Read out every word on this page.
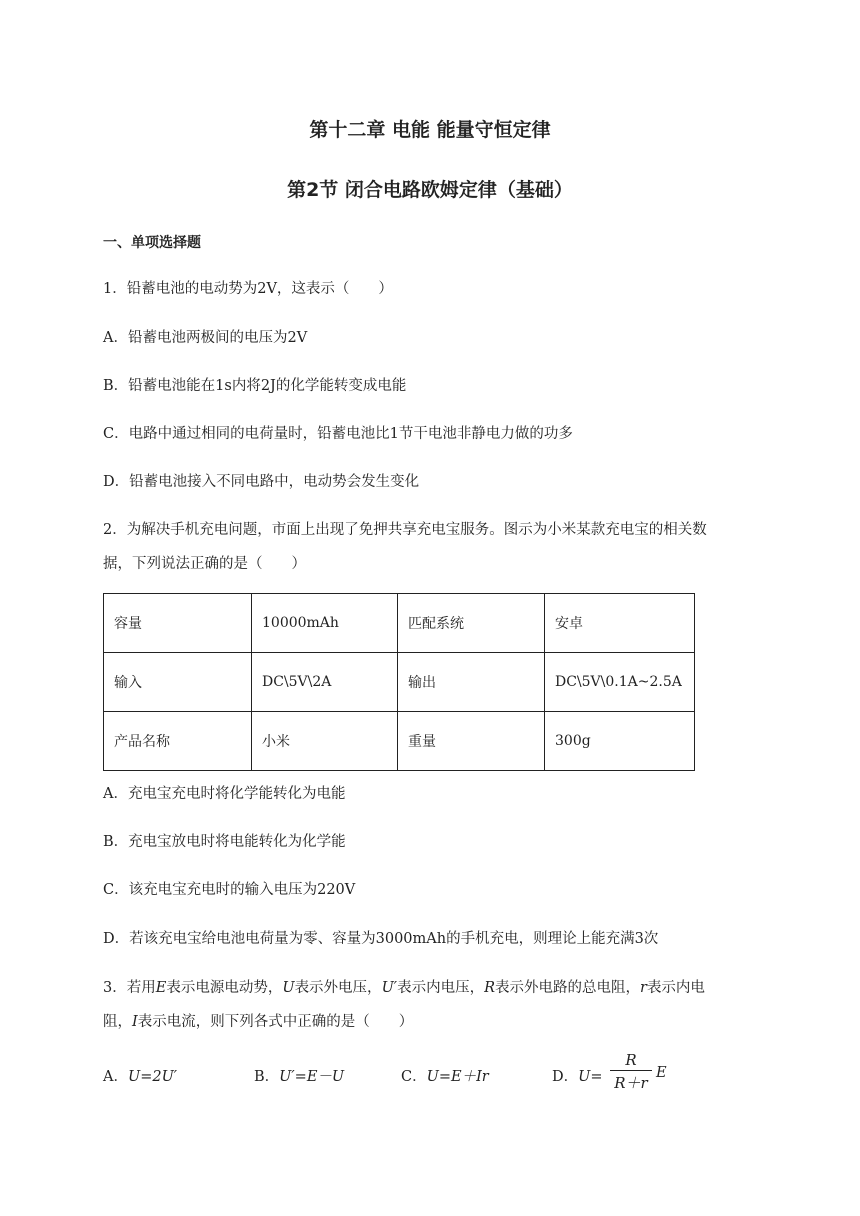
第十二章 电能 能量守恒定律
第2节 闭合电路欧姆定律（基础）
一、单项选择题
1．铅蓄电池的电动势为2V，这表示（　　）
A．铅蓄电池两极间的电压为2V
B．铅蓄电池能在1s内将2J的化学能转变成电能
C．电路中通过相同的电荷量时，铅蓄电池比1节干电池非静电力做的功多
D．铅蓄电池接入不同电路中，电动势会发生变化
2．为解决手机充电问题，市面上出现了免押共享充电宝服务。图示为小米某款充电宝的相关数
据，下列说法正确的是（　　）
容量	10000mAh	匹配系统	安卓
输入	DC\5V\2A	输出	DC\5V\0.1A~2.5A
产品名称	小米	重量	300g
A．充电宝充电时将化学能转化为电能
B．充电宝放电时将电能转化为化学能
C．该充电宝充电时的输入电压为220V
D．若该充电宝给电池电荷量为零、容量为3000mAh的手机充电，则理论上能充满3次
3．若用E表示电源电动势，U表示外电压，U′表示内电压，R表示外电路的总电阻，r表示内电
阻，I表示电流，则下列各式中正确的是（　　）
A．U=2U′	B．U′=E－U	C．U=E＋Ir	D．U=
R
R＋r
E
